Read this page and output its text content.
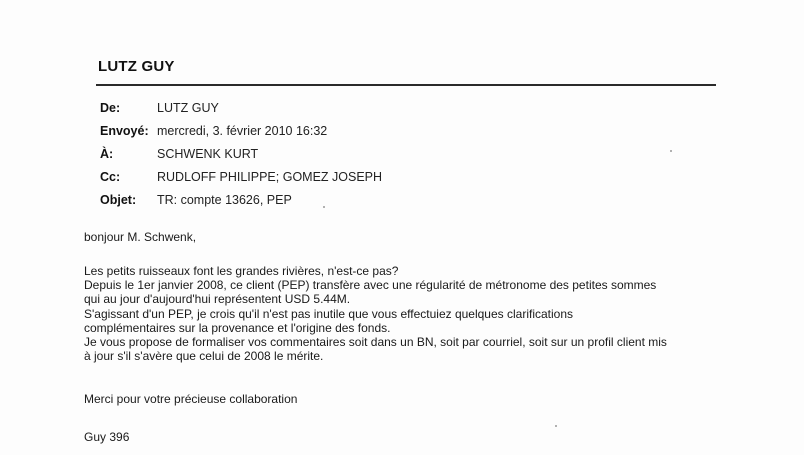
LUTZ GUY
De:	LUTZ GUY
Envoyé: mercredi, 3. février 2010 16:32
À:	SCHWENK KURT
Cc:	RUDLOFF PHILIPPE; GOMEZ JOSEPH
Objet:	TR: compte 13626, PEP
bonjour M. Schwenk,
Les petits ruisseaux font les grandes rivières, n'est-ce pas?
Depuis le 1er janvier 2008, ce client (PEP) transfère avec une régularité de métronome des petites sommes
qui au jour d'aujourd'hui représentent USD 5.44M.
S'agissant d'un PEP, je crois qu'il n'est pas inutile que vous effectuiez quelques clarifications
complémentaires sur la provenance et l'origine des fonds.
Je vous propose de formaliser vos commentaires soit dans un BN, soit par courriel, soit sur un profil client mis
à jour s'il s'avère que celui de 2008 le mérite.
Merci pour votre précieuse collaboration
Guy 396
